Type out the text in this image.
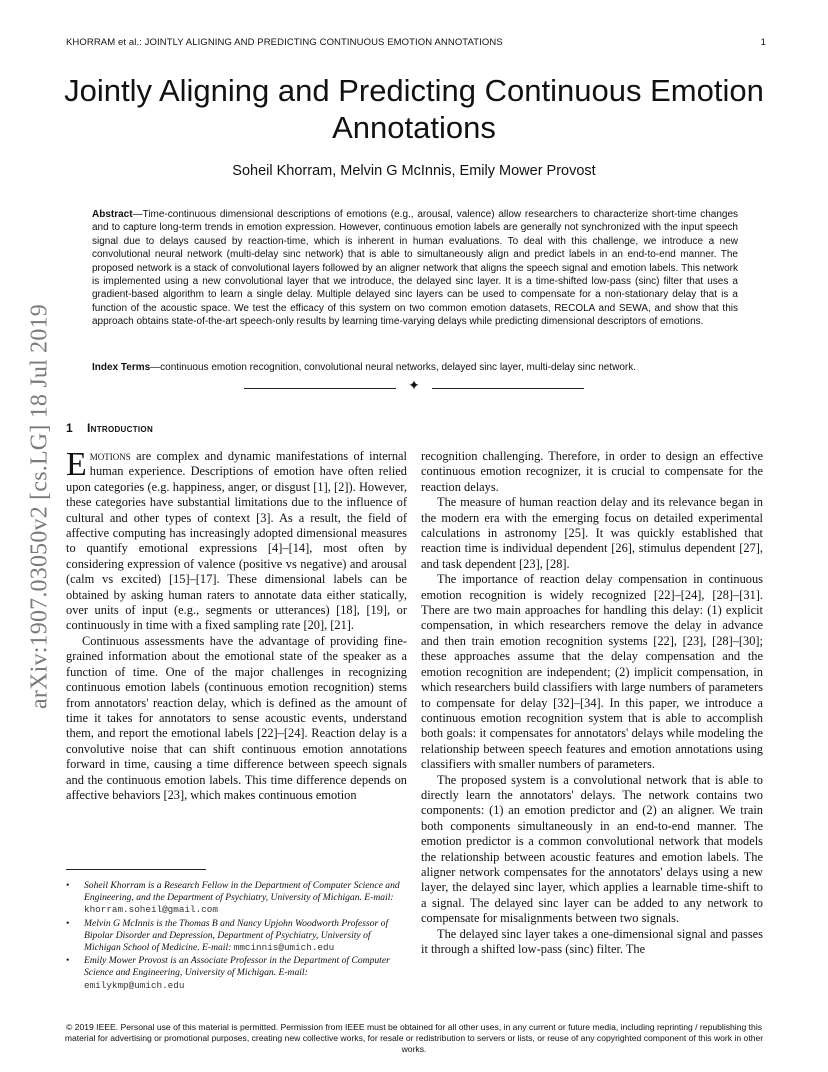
KHORRAM et al.: JOINTLY ALIGNING AND PREDICTING CONTINUOUS EMOTION ANNOTATIONS	1
Jointly Aligning and Predicting Continuous Emotion Annotations
Soheil Khorram, Melvin G McInnis, Emily Mower Provost
Abstract—Time-continuous dimensional descriptions of emotions (e.g., arousal, valence) allow researchers to characterize short-time changes and to capture long-term trends in emotion expression. However, continuous emotion labels are generally not synchronized with the input speech signal due to delays caused by reaction-time, which is inherent in human evaluations. To deal with this challenge, we introduce a new convolutional neural network (multi-delay sinc network) that is able to simultaneously align and predict labels in an end-to-end manner. The proposed network is a stack of convolutional layers followed by an aligner network that aligns the speech signal and emotion labels. This network is implemented using a new convolutional layer that we introduce, the delayed sinc layer. It is a time-shifted low-pass (sinc) filter that uses a gradient-based algorithm to learn a single delay. Multiple delayed sinc layers can be used to compensate for a non-stationary delay that is a function of the acoustic space. We test the efficacy of this system on two common emotion datasets, RECOLA and SEWA, and show that this approach obtains state-of-the-art speech-only results by learning time-varying delays while predicting dimensional descriptors of emotions.
Index Terms—continuous emotion recognition, convolutional neural networks, delayed sinc layer, multi-delay sinc network.
✦
1 Introduction

Emotions are complex and dynamic manifestations of internal human experience. Descriptions of emotion have often relied upon categories (e.g. happiness, anger, or disgust [1], [2]). However, these categories have substantial limitations due to the influence of cultural and other types of context [3]. As a result, the field of affective computing has increasingly adopted dimensional measures to quantify emotional expressions [4]–[14], most often by considering expression of valence (positive vs negative) and arousal (calm vs excited) [15]–[17]. These dimensional labels can be obtained by asking human raters to annotate data either statically, over units of input (e.g., segments or utterances) [18], [19], or continuously in time with a fixed sampling rate [20], [21].

Continuous assessments have the advantage of providing fine-grained information about the emotional state of the speaker as a function of time. One of the major challenges in recognizing continuous emotion labels (continuous emotion recognition) stems from annotators' reaction delay, which is defined as the amount of time it takes for annotators to sense acoustic events, understand them, and report the emotional labels [22]–[24]. Reaction delay is a convolutive noise that can shift continuous emotion annotations forward in time, causing a time difference between speech signals and the continuous emotion labels. This time difference depends on affective behaviors [23], which makes continuous emotion

recognition challenging. Therefore, in order to design an effective continuous emotion recognizer, it is crucial to compensate for the reaction delays.

The measure of human reaction delay and its relevance began in the modern era with the emerging focus on detailed experimental calculations in astronomy [25]. It was quickly established that reaction time is individual dependent [26], stimulus dependent [27], and task dependent [23], [28].

The importance of reaction delay compensation in continuous emotion recognition is widely recognized [22]–[24], [28]–[31]. There are two main approaches for handling this delay: (1) explicit compensation, in which researchers remove the delay in advance and then train emotion recognition systems [22], [23], [28]–[30]; these approaches assume that the delay compensation and the emotion recognition are independent; (2) implicit compensation, in which researchers build classifiers with large numbers of parameters to compensate for delay [32]–[34]. In this paper, we introduce a continuous emotion recognition system that is able to accomplish both goals: it compensates for annotators' delays while modeling the relationship between speech features and emotion annotations using classifiers with smaller numbers of parameters.

The proposed system is a convolutional network that is able to directly learn the annotators' delays. The network contains two components: (1) an emotion predictor and (2) an aligner. We train both components simultaneously in an end-to-end manner. The emotion predictor is a common convolutional network that models the relationship between acoustic features and emotion labels. The aligner network compensates for the annotators' delays using a new layer, the delayed sinc layer, which applies a learnable time-shift to a signal. The delayed sinc layer can be added to any network to compensate for misalignments between two signals.

The delayed sinc layer takes a one-dimensional signal and passes it through a shifted low-pass (sinc) filter. The

• Soheil Khorram is a Research Fellow in the Department of Computer Science and Engineering, and the Department of Psychiatry, University of Michigan. E-mail: khorram.soheil@gmail.com
• Melvin G McInnis is the Thomas B and Nancy Upjohn Woodworth Professor of Bipolar Disorder and Depression, Department of Psychiatry, University of Michigan School of Medicine. E-mail: mmcinnis@umich.edu
• Emily Mower Provost is an Associate Professor in the Department of Computer Science and Engineering, University of Michigan. E-mail: emilykmp@umich.edu
© 2019 IEEE. Personal use of this material is permitted. Permission from IEEE must be obtained for all other uses, in any current or future media, including reprinting / republishing this material for advertising or promotional purposes, creating new collective works, for resale or redistribution to servers or lists, or reuse of any copyrighted component of this work in other works.
arXiv:1907.03050v2 [cs.LG] 18 Jul 2019
